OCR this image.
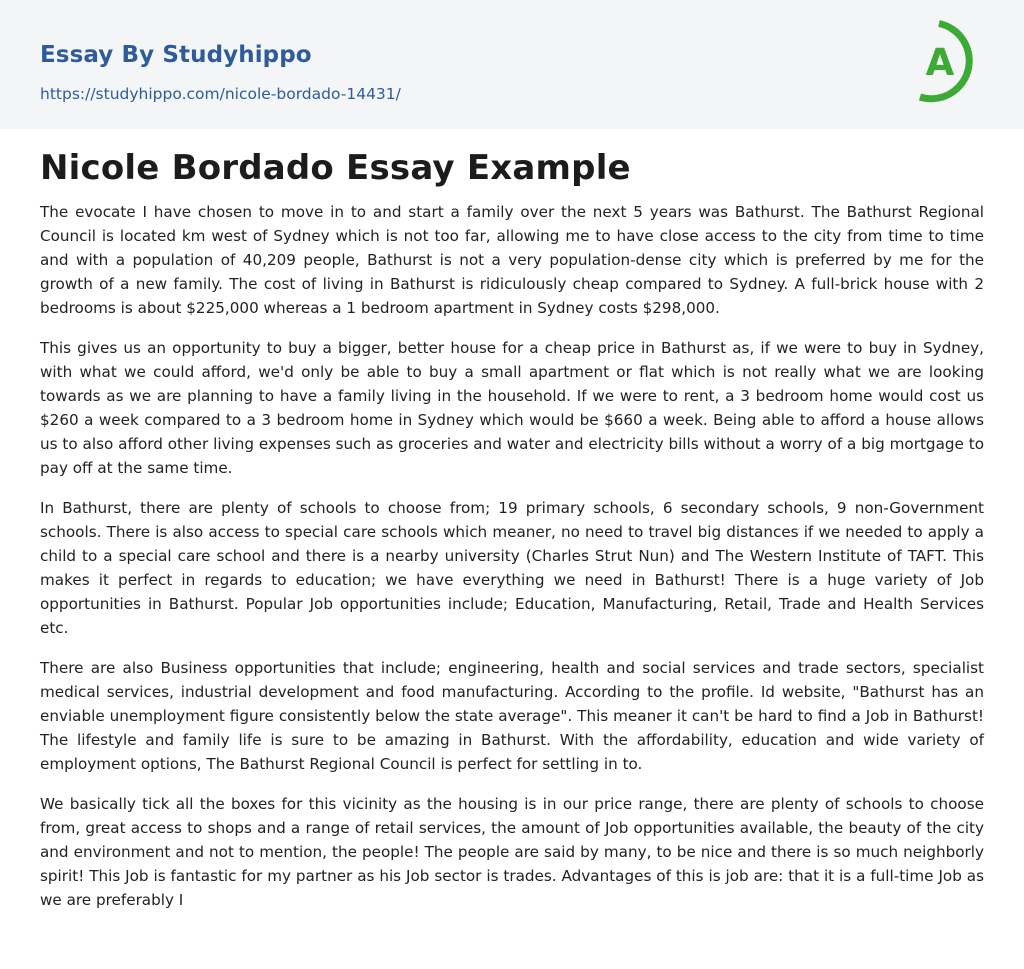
Essay By Studyhippo
https://studyhippo.com/nicole-bordado-14431/
A
Nicole Bordado Essay Example

The evocate I have chosen to move in to and start a family over the next 5 years was Bathurst. The Bathurst Regional Council is located km west of Sydney which is not too far, allowing me to have close access to the city from time to time and with a population of 40,209 people, Bathurst is not a very population-dense city which is preferred by me for the growth of a new family. The cost of living in Bathurst is ridiculously cheap compared to Sydney. A full-brick house with 2 bedrooms is about $225,000 whereas a 1 bedroom apartment in Sydney costs $298,000.

This gives us an opportunity to buy a bigger, better house for a cheap price in Bathurst as, if we were to buy in Sydney, with what we could afford, we'd only be able to buy a small apartment or flat which is not really what we are looking towards as we are planning to have a family living in the household. If we were to rent, a 3 bedroom home would cost us $260 a week compared to a 3 bedroom home in Sydney which would be $660 a week. Being able to afford a house allows us to also afford other living expenses such as groceries and water and electricity bills without a worry of a big mortgage to pay off at the same time.

In Bathurst, there are plenty of schools to choose from; 19 primary schools, 6 secondary schools, 9 non-Government schools. There is also access to special care schools which meaner, no need to travel big distances if we needed to apply a child to a special care school and there is a nearby university (Charles Strut Nun) and The Western Institute of TAFT. This makes it perfect in regards to education; we have everything we need in Bathurst! There is a huge variety of Job opportunities in Bathurst. Popular Job opportunities include; Education, Manufacturing, Retail, Trade and Health Services etc.

There are also Business opportunities that include; engineering, health and social services and trade sectors, specialist medical services, industrial development and food manufacturing. According to the profile. Id website, "Bathurst has an enviable unemployment figure consistently below the state average". This meaner it can't be hard to find a Job in Bathurst! The lifestyle and family life is sure to be amazing in Bathurst. With the affordability, education and wide variety of employment options, The Bathurst Regional Council is perfect for settling in to.

We basically tick all the boxes for this vicinity as the housing is in our price range, there are plenty of schools to choose from, great access to shops and a range of retail services, the amount of Job opportunities available, the beauty of the city and environment and not to mention, the people! The people are said by many, to be nice and there is so much neighborly spirit! This Job is fantastic for my partner as his Job sector is trades. Advantages of this is job are: that it is a full-time Job as we are preferably I
